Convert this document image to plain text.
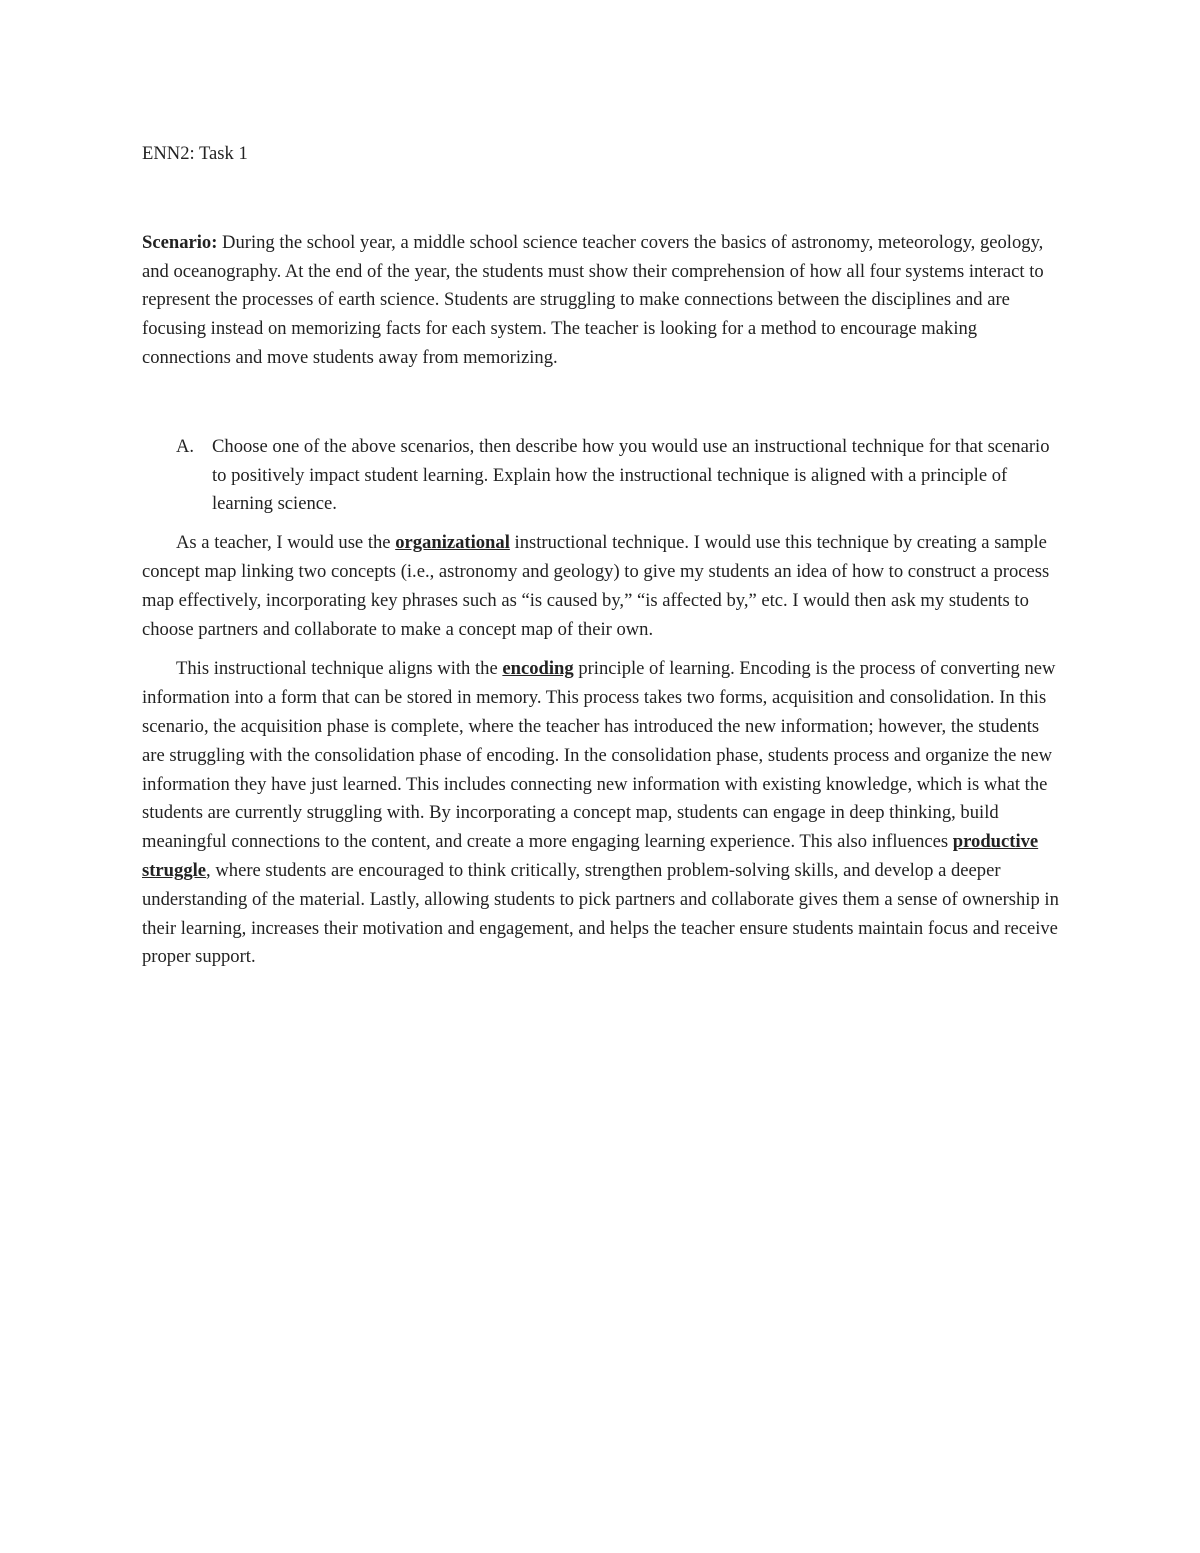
ENN2: Task 1

Scenario: During the school year, a middle school science teacher covers the basics of astronomy, meteorology, geology, and oceanography. At the end of the year, the students must show their comprehension of how all four systems interact to represent the processes of earth science. Students are struggling to make connections between the disciplines and are focusing instead on memorizing facts for each system. The teacher is looking for a method to encourage making connections and move students away from memorizing.

A. Choose one of the above scenarios, then describe how you would use an instructional technique for that scenario to positively impact student learning. Explain how the instructional technique is aligned with a principle of learning science.

As a teacher, I would use the organizational instructional technique. I would use this technique by creating a sample concept map linking two concepts (i.e., astronomy and geology) to give my students an idea of how to construct a process map effectively, incorporating key phrases such as “is caused by,” “is affected by,” etc. I would then ask my students to choose partners and collaborate to make a concept map of their own.

This instructional technique aligns with the encoding principle of learning. Encoding is the process of converting new information into a form that can be stored in memory. This process takes two forms, acquisition and consolidation. In this scenario, the acquisition phase is complete, where the teacher has introduced the new information; however, the students are struggling with the consolidation phase of encoding. In the consolidation phase, students process and organize the new information they have just learned. This includes connecting new information with existing knowledge, which is what the students are currently struggling with. By incorporating a concept map, students can engage in deep thinking, build meaningful connections to the content, and create a more engaging learning experience. This also influences productive struggle, where students are encouraged to think critically, strengthen problem-solving skills, and develop a deeper understanding of the material. Lastly, allowing students to pick partners and collaborate gives them a sense of ownership in their learning, increases their motivation and engagement, and helps the teacher ensure students maintain focus and receive proper support.
